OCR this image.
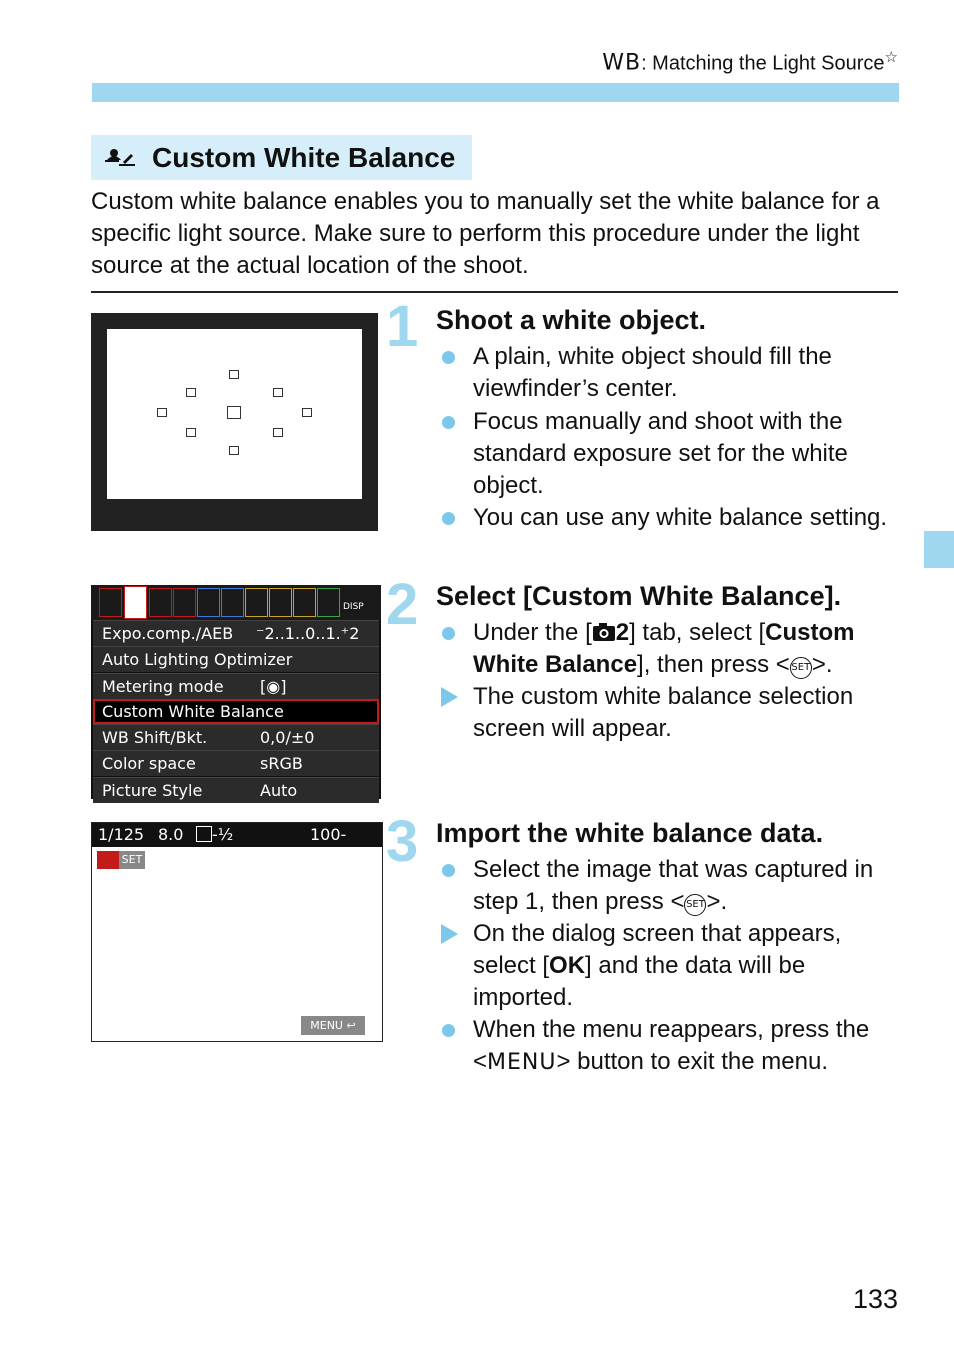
WB: Matching the Light Source☆
Custom White Balance
Custom white balance enables you to manually set the white balance for a specific light source. Make sure to perform this procedure under the light source at the actual location of the shoot.
1 Shoot a white object.
A plain, white object should fill the viewfinder’s center.
Focus manually and shoot with the standard exposure set for the white object.
You can use any white balance setting.
DISP
Expo.comp./AEB ⁻2..1..0..1.⁺2
Auto Lighting Optimizer
Metering mode [◉]
Custom White Balance
WB Shift/Bkt.	0,0/±0
Color space	sRGB
Picture Style	Auto
2 Select [Custom White Balance].
Under the [ 2] tab, select [Custom White Balance], then press < SET>.
The custom white balance selection screen will appear.
1/125 8.0	-½	100-0020
SET
MENU ↩
3 Import the white balance data.
Select the image that was captured in step 1, then press < SET>.
On the dialog screen that appears, select [OK] and the data will be imported.
When the menu reappears, press the <MENU> button to exit the menu.
133
